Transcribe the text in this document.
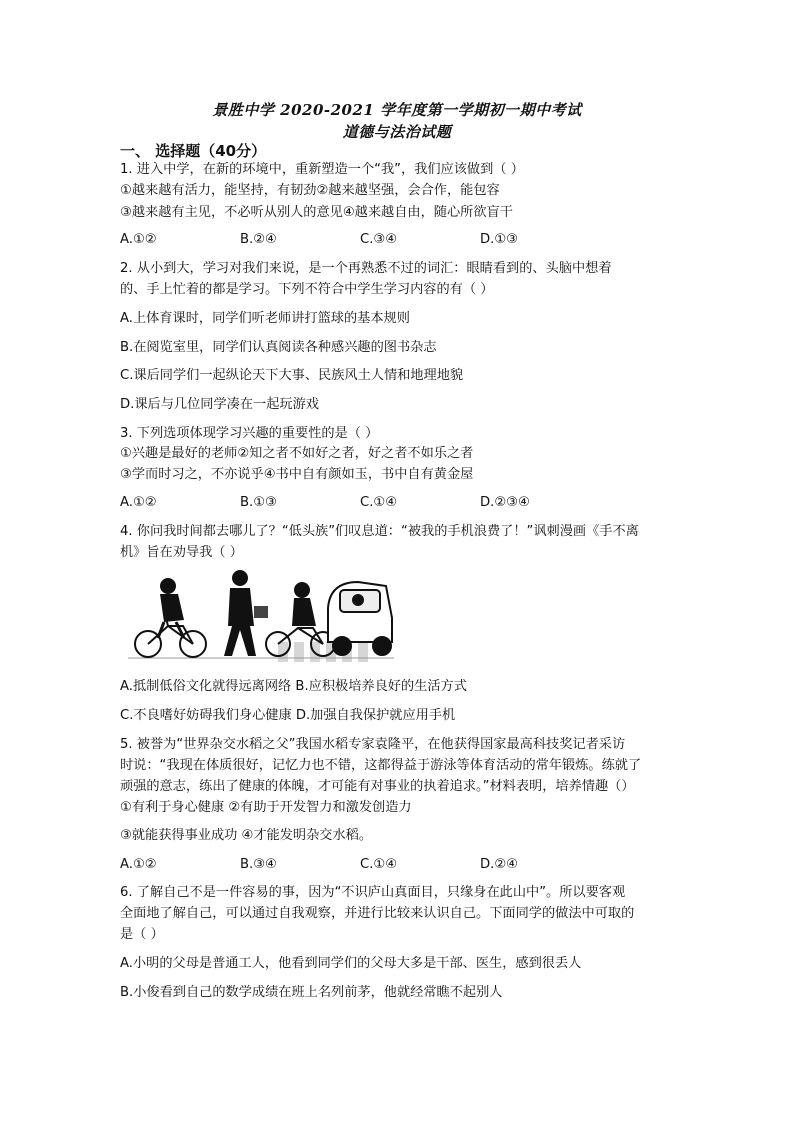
景胜中学 2020-2021 学年度第一学期初一期中考试
道德与法治试题
一、 选择题（40分）
1. 进入中学，在新的环境中，重新塑造一个“我”，我们应该做到（ ）
①越来越有活力，能坚持，有韧劲②越来越坚强，会合作，能包容
③越来越有主见，不必听从别人的意见④越来越自由，随心所欲盲干
A.①②	B.②④	C.③④	D.①③
2. 从小到大，学习对我们来说，是一个再熟悉不过的词汇：眼睛看到的、头脑中想着
的、手上忙着的都是学习。下列不符合中学生学习内容的有（ ）
A.上体育课时，同学们听老师讲打篮球的基本规则
B.在阅览室里，同学们认真阅读各种感兴趣的图书杂志
C.课后同学们一起纵论天下大事、民族风土人情和地理地貌
D.课后与几位同学凑在一起玩游戏
3. 下列选项体现学习兴趣的重要性的是（ ）
①兴趣是最好的老师②知之者不如好之者，好之者不如乐之者
③学而时习之，不亦说乎④书中自有颜如玉，书中自有黄金屋
A.①②	B.①③	C.①④	D.②③④
4. 你问我时间都去哪儿了？“低头族”们叹息道：“被我的手机浪费了！”讽刺漫画《手不离
机》旨在劝导我（ ）
A.抵制低俗文化就得远离网络 B.应积极培养良好的生活方式
C.不良嗜好妨碍我们身心健康 D.加强自我保护就应用手机
5. 被誉为“世界杂交水稻之父”我国水稻专家袁隆平，在他获得国家最高科技奖记者采访
时说：“我现在体质很好，记忆力也不错，这都得益于游泳等体育活动的常年锻炼。练就了
顽强的意志，练出了健康的体魄，才可能有对事业的执着追求。”材料表明，培养情趣（）
①有利于身心健康 ②有助于开发智力和激发创造力
③就能获得事业成功 ④才能发明杂交水稻。
A.①②	B.③④	C.①④	D.②④
6. 了解自己不是一件容易的事，因为“不识庐山真面目，只缘身在此山中”。所以要客观
全面地了解自己，可以通过自我观察，并进行比较来认识自己。下面同学的做法中可取的
是（ ）
A.小明的父母是普通工人，他看到同学们的父母大多是干部、医生，感到很丢人
B.小俊看到自己的数学成绩在班上名列前茅，他就经常瞧不起别人
